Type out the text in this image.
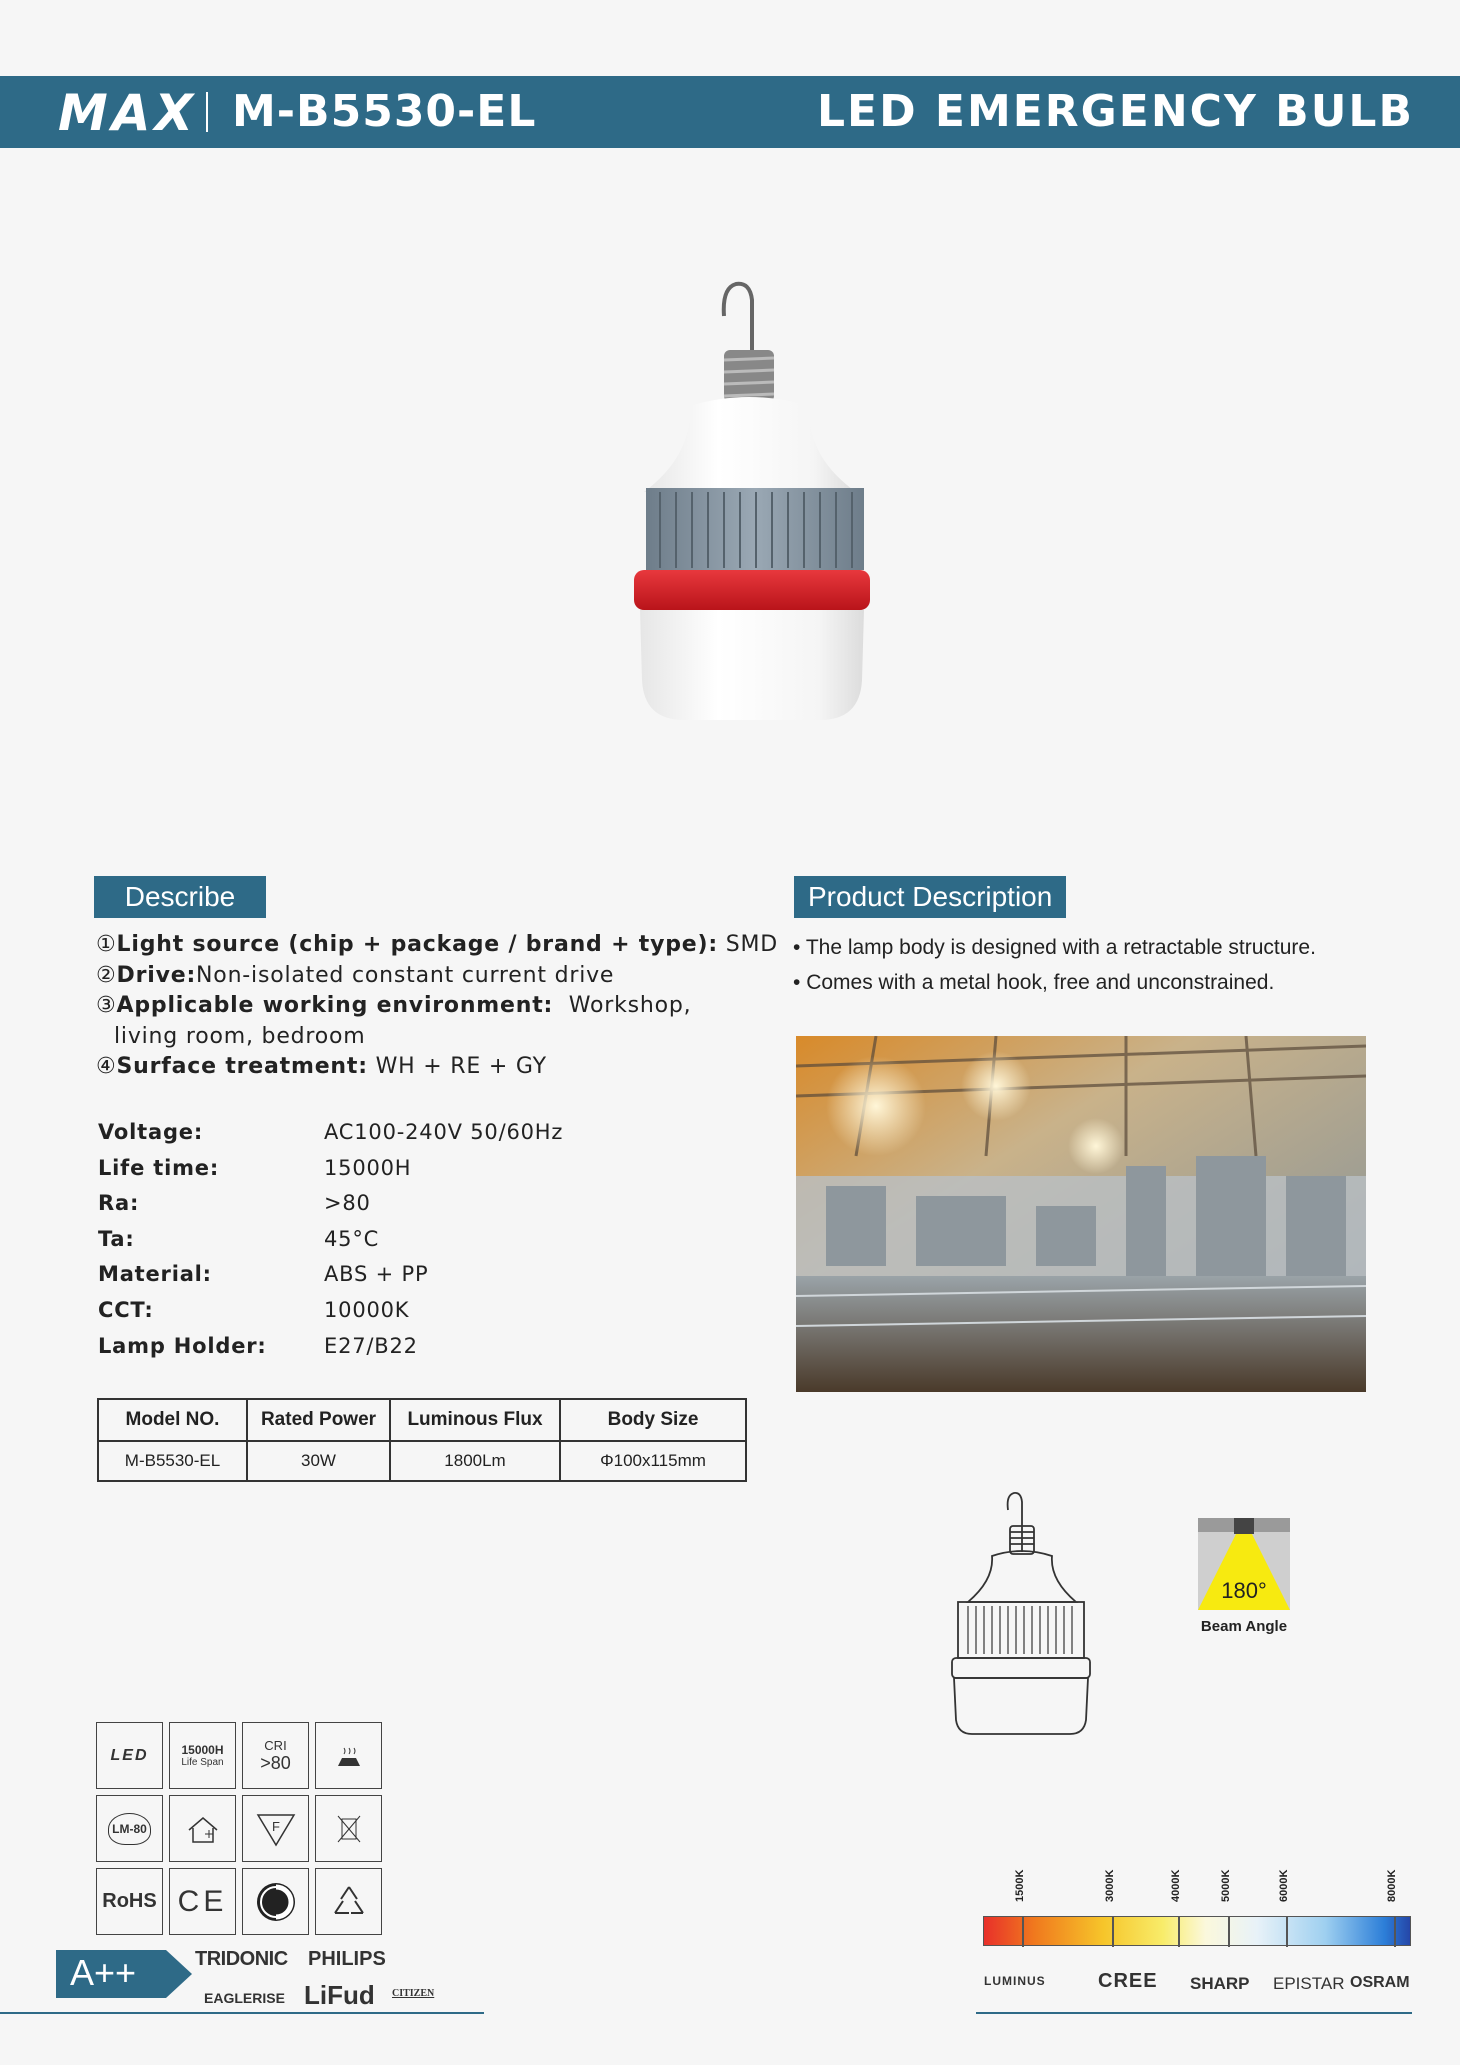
MAX M-B5530-EL	LED EMERGENCY BULB
Describe
①Light source (chip + package / brand + type): SMD
②Drive:Non-isolated constant current drive
③Applicable working environment:  Workshop,
living room, bedroom
④Surface treatment: WH + RE + GY
Voltage:	AC100-240V 50/60Hz
Life time:	15000H
Ra:	>80
Ta:	45°C
Material:	ABS + PP
CCT:	10000K
Lamp Holder:	E27/B22
Model NO.	Rated Power	Luminous Flux	Body Size
M-B5530-EL	30W	1800Lm	Φ100x115mm
Product Description
• The lamp body is designed with a retractable structure.
• Comes with a metal hook, free and unconstrained.
180°
Beam Angle
LED	15000H
Life Span
CRI
>80
LM-80	F
RoHS CE
A++	TRIDONIC PHILIPS
EAGLERISE LiFud CITIZEN
1500K	3000K	4000K	5000K	6000K	8000K
LUMINUS	CREE SHARP EPISTAR OSRAM
